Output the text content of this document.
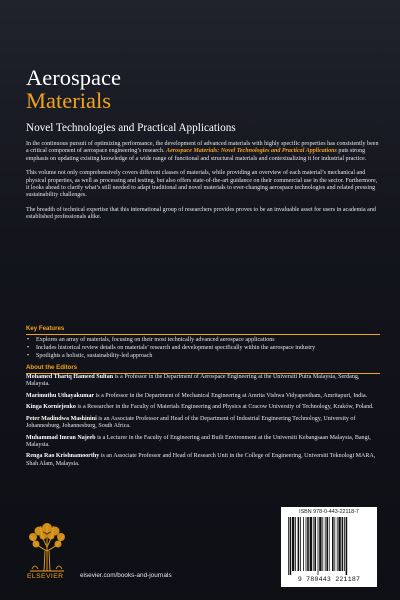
Aerospace
Materials
Novel Technologies and Practical Applications

In the continuous pursuit of optimizing performance, the development of advanced materials with highly specific properties has consistently been a critical component of aerospace engineering’s research. Aerospace Materials: Novel Technologies and Practical Applications puts strong emphasis on updating existing knowledge of a wide range of functional and structural materials and contextualizing it for industrial practice.

This volume not only comprehensively covers different classes of materials, while providing an overview of each material’s mechanical and physical properties, as well as processing and testing, but also offers state-of-the-art guidance on their commercial use in the sector. Furthermore, it looks ahead to clarify what’s still needed to adapt traditional and novel materials to ever-changing aerospace technologies and related pressing sustainability challenges.

The breadth of technical expertise that this international group of researchers provides proves to be an invaluable asset for users in academia and established professionals alike.

Key Features
• Explores an array of materials, focusing on their most technically advanced aerospace applications
• Includes historical review details on materials’ research and development specifically within the aerospace industry
• Spotlights a holistic, sustainability-led approach
About the Editors

Mohamed Thariq Hameed Sultan is a Professor in the Department of Aerospace Engineering at the Universiti Putra Malaysia, Serdang, Malaysia.

Marimuthu Uthayakumar is a Professor in the Department of Mechanical Engineering at Amrita Vishwa Vidyapeetham, Amritapuri, India.

Kinga Korniejenko is a Researcher in the Faculty of Materials Engineering and Physics at Cracow University of Technology, Kraków, Poland.

Peter Madindwa Mashinini is an Associate Professor and Head of the Department of Industrial Engineering Technology, University of Johannesburg, Johannesburg, South Africa.

Muhammad Imran Najeeb is a Lecturer in the Faculty of Engineering and Built Environment at the Universiti Kebangsaan Malaysia, Bangi, Malaysia.

Renga Rao Krishnamoorthy is an Associate Professor and Head of Research Unit in the College of Engineering, Universiti Teknologi MARA, Shah Alam, Malaysia.

ELSEVIER	elsevier.com/books-and-journals
ISBN 978-0-443-22118-7
9 780443 221187
